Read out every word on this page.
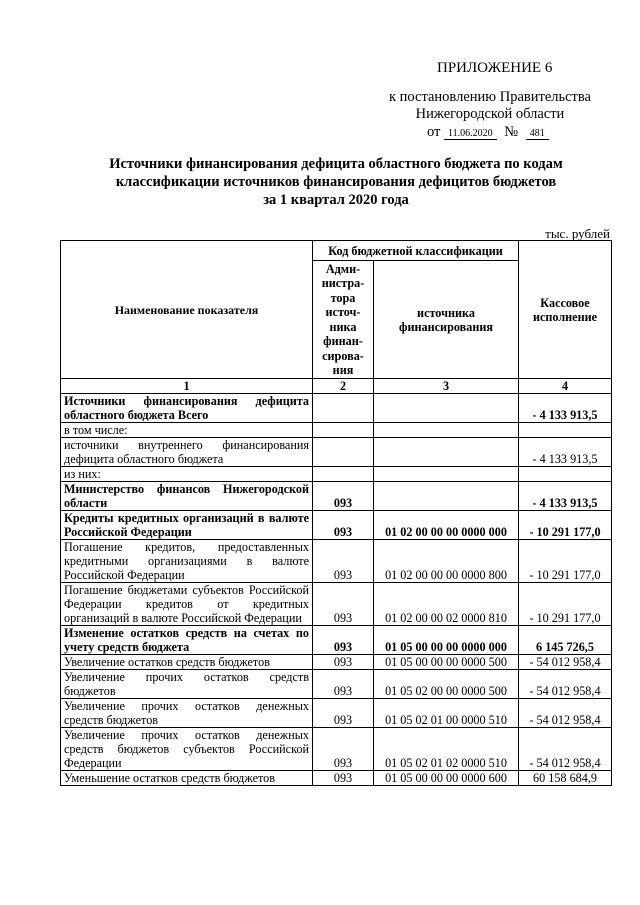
ПРИЛОЖЕНИЕ 6
к постановлению Правительства
Нижегородской области
от 11.06.2020 № 481
Источники финансирования дефицита областного бюджета по кодам
классификации источников финансирования дефицитов бюджетов
за 1 квартал 2020 года
тыс. рублей
Наименование показателя	Код бюджетной классификации		Кассовое исполнение
	Адми-нистра-тора источ-ника финан-сирова-ния	источника финансирования	
1	2	3	4
Источники финансирования дефицита областного бюджета Всего			- 4 133 913,5
в том числе:			
источники внутреннего финансирования дефицита областного бюджета			- 4 133 913,5
из них:			
Министерство финансов Нижегородской области	093		- 4 133 913,5
Кредиты кредитных организаций в валюте Российской Федерации	093	01 02 00 00 00 0000 000	- 10 291 177,0
Погашение кредитов, предоставленных кредитными организациями в валюте Российской Федерации	093	01 02 00 00 00 0000 800	- 10 291 177,0
Погашение бюджетами субъектов Российской Федерации кредитов от кредитных организаций в валюте Российской Федерации	093	01 02 00 00 02 0000 810	- 10 291 177,0
Изменение остатков средств на счетах по учету средств бюджета	093	01 05 00 00 00 0000 000	6 145 726,5
Увеличение остатков средств бюджетов	093	01 05 00 00 00 0000 500	- 54 012 958,4
Увеличение прочих остатков средств бюджетов	093	01 05 02 00 00 0000 500	- 54 012 958,4
Увеличение прочих остатков денежных средств бюджетов	093	01 05 02 01 00 0000 510	- 54 012 958,4
Увеличение прочих остатков денежных средств бюджетов субъектов Российской Федерации	093	01 05 02 01 02 0000 510	- 54 012 958,4
Уменьшение остатков средств бюджетов	093	01 05 00 00 00 0000 600	60 158 684,9
